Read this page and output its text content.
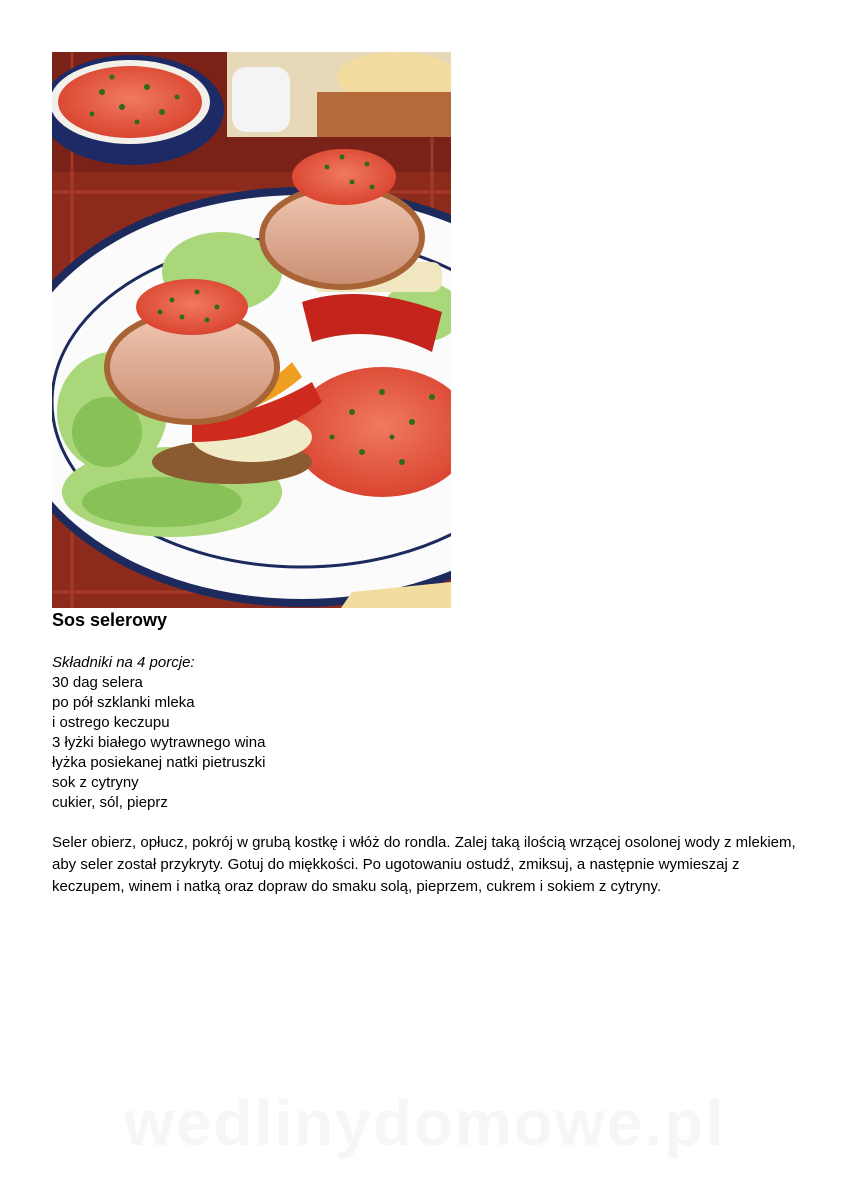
Sos selerowy
Składniki na 4 porcje:
30 dag selera
po pół szklanki mleka
i ostrego keczupu
3 łyżki białego wytrawnego wina
łyżka posiekanej natki pietruszki
sok z cytryny
cukier, sól, pieprz

Seler obierz, opłucz, pokrój w grubą kostkę i włóż do rondla. Zalej taką ilością wrzącej osolonej wody z mlekiem, aby seler został przykryty. Gotuj do miękkości. Po ugotowaniu ostudź, zmiksuj, a następnie wymieszaj z keczupem, winem i natką oraz dopraw do smaku solą, pieprzem, cukrem i sokiem z cytryny.

wedlinydomowe.pl
